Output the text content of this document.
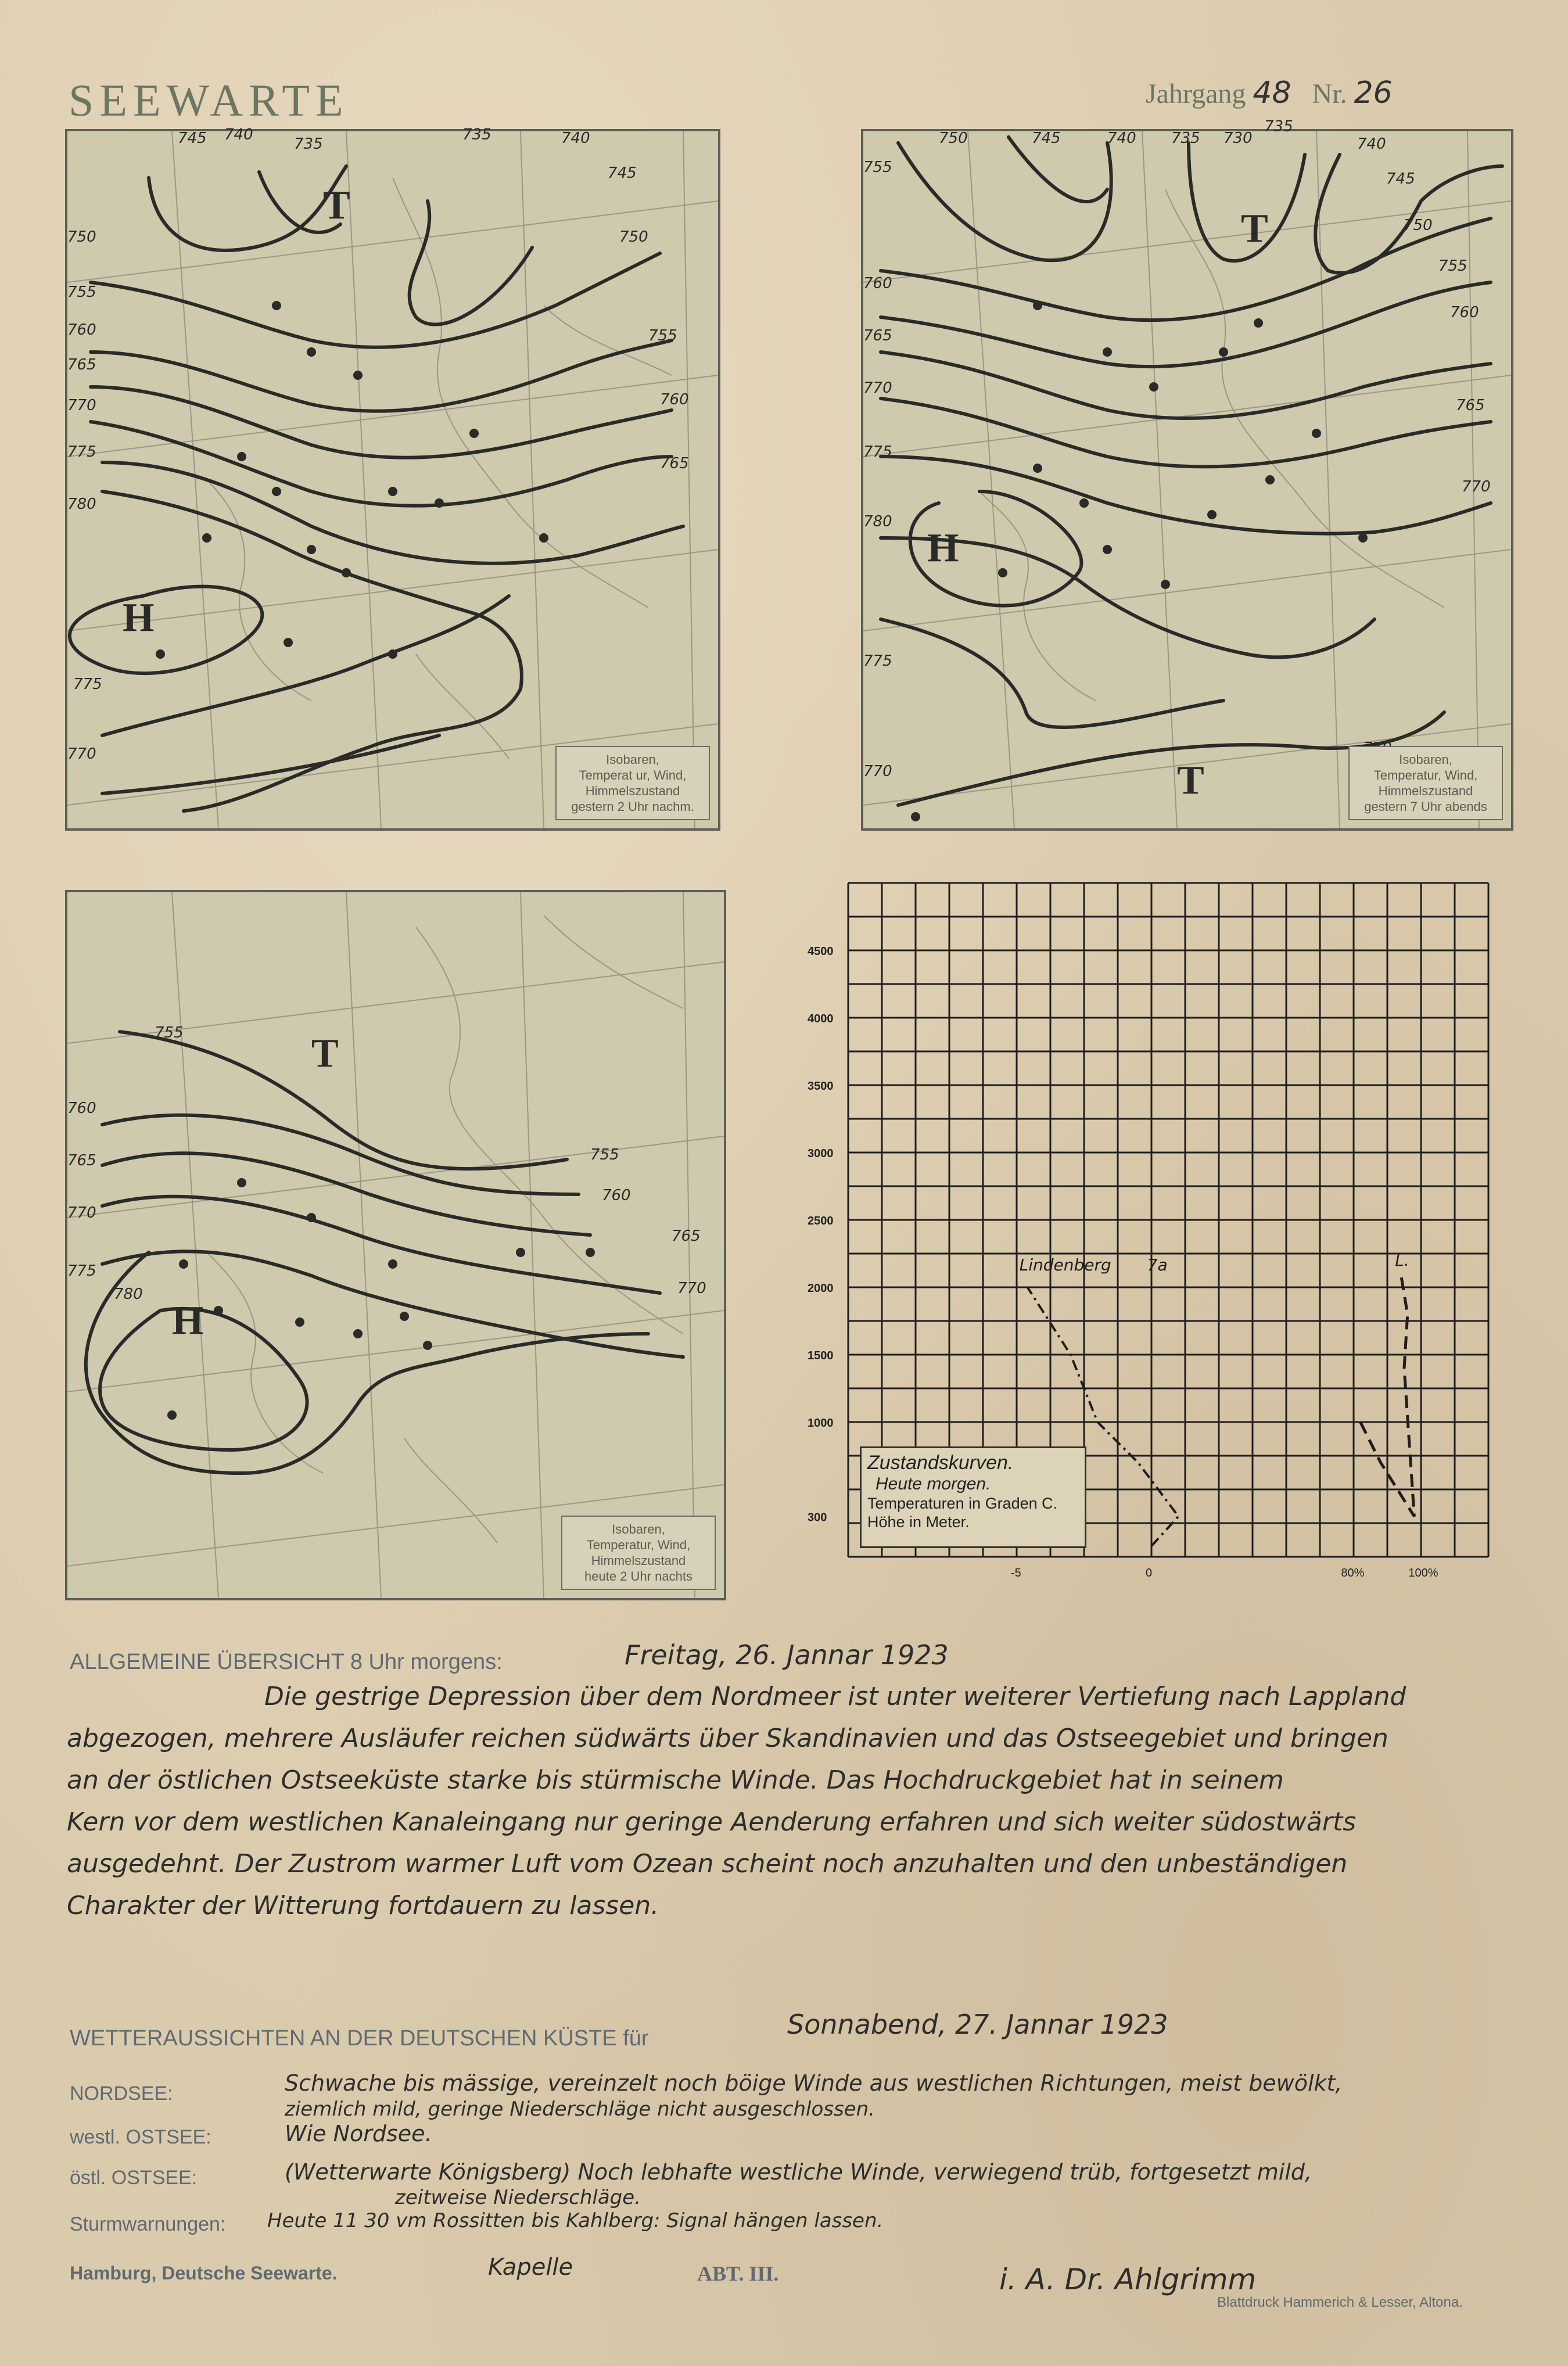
SEEWARTE	Jahrgang 48 Nr. 26
T
H
745 740
735
735	740
745
750
750
755
760
765
770
775
780
755
760
765
775
770	Isobaren,
Temperat ur, Wind,
Himmelszustand
gestern 2 Uhr nachm.
T
T
H
755
750	745	740 735 730
735
740
745
750
755
760
760
765
765
770
770
775
780
775
770
Isobaren,
Temperatur, Wind,
Himmelszustand
gestern 7 Uhr abends
T
H
755
760
765
770
775
780
755
760
765
770
Isobaren,
Temperatur, Wind,
Himmelszustand
heute 2 Uhr nachts
300
1000
1500
2000
2500
3000
3500
4000
4500
-5	0	80%	100%
Lindenberg 7a	L.
Zustandskurven.
Heute morgen.
Temperaturen in Graden C.
Höhe in Meter.
ALLGEMEINE ÜBERSICHT 8 Uhr morgens:	Freitag, 26. Jannar 1923
Die gestrige Depression über dem Nordmeer ist unter weiterer Vertiefung nach Lappland
abgezogen, mehrere Ausläufer reichen südwärts über Skandinavien und das Ostseegebiet und bringen
an der östlichen Ostseeküste starke bis stürmische Winde. Das Hochdruckgebiet hat in seinem
Kern vor dem westlichen Kanaleingang nur geringe Aenderung erfahren und sich weiter südostwärts
ausgedehnt. Der Zustrom warmer Luft vom Ozean scheint noch anzuhalten und den unbeständigen
Charakter der Witterung fortdauern zu lassen.
WETTERAUSSICHTEN AN DER DEUTSCHEN KÜSTE für	Sonnabend, 27. Jannar 1923
NORDSEE:	Schwache bis mässige, vereinzelt noch böige Winde aus westlichen Richtungen, meist bewölkt,
ziemlich mild, geringe Niederschläge nicht ausgeschlossen.
westl. OSTSEE:	Wie Nordsee.
östl. OSTSEE:	(Wetterwarte Königsberg) Noch lebhafte westliche Winde, verwiegend trüb, fortgesetzt mild,
zeitweise Niederschläge.
Sturmwarnungen: Heute 11 30 vm Rossitten bis Kahlberg: Signal hängen lassen.
Hamburg, Deutsche Seewarte.	Kapelle	ABT. III.	i. A. Dr. Ahlgrimm
Blattdruck Hammerich & Lesser, Altona.
